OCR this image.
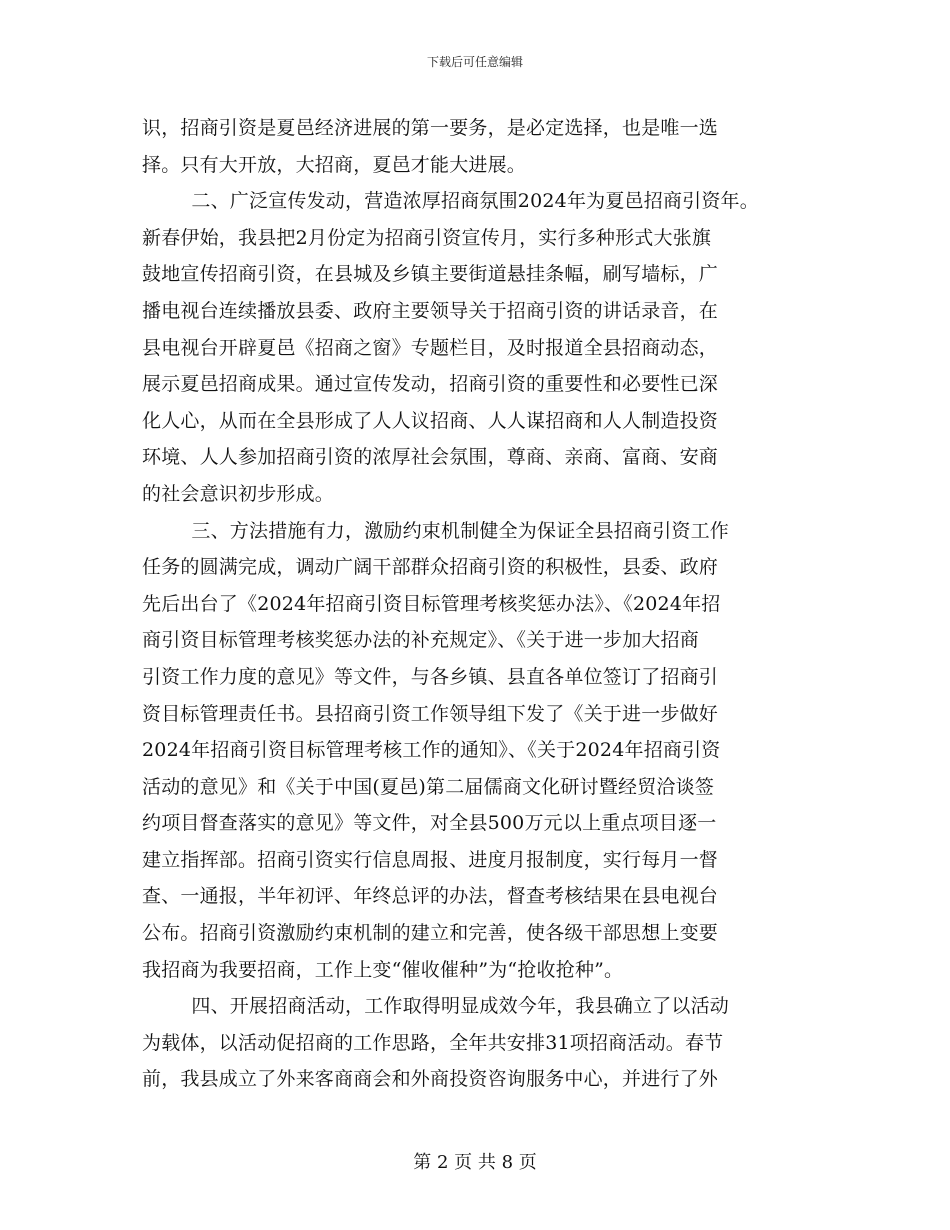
下载后可任意编辑
识，招商引资是夏邑经济进展的第一要务，是必定选择，也是唯一选
择。只有大开放，大招商，夏邑才能大进展。
二、广泛宣传发动，营造浓厚招商氛围2024年为夏邑招商引资年。
新春伊始，我县把2月份定为招商引资宣传月，实行多种形式大张旗
鼓地宣传招商引资，在县城及乡镇主要街道悬挂条幅，刷写墙标，广
播电视台连续播放县委、政府主要领导关于招商引资的讲话录音，在
县电视台开辟夏邑《招商之窗》专题栏目，及时报道全县招商动态，
展示夏邑招商成果。通过宣传发动，招商引资的重要性和必要性已深
化人心，从而在全县形成了人人议招商、人人谋招商和人人制造投资
环境、人人参加招商引资的浓厚社会氛围，尊商、亲商、富商、安商
的社会意识初步形成。
三、方法措施有力，激励约束机制健全为保证全县招商引资工作
任务的圆满完成，调动广阔干部群众招商引资的积极性，县委、政府
先后出台了《2024年招商引资目标管理考核奖惩办法》、《2024年招
商引资目标管理考核奖惩办法的补充规定》、《关于进一步加大招商
引资工作力度的意见》等文件，与各乡镇、县直各单位签订了招商引
资目标管理责任书。县招商引资工作领导组下发了《关于进一步做好
2024年招商引资目标管理考核工作的通知》、《关于2024年招商引资
活动的意见》和《关于中国(夏邑)第二届儒商文化研讨暨经贸洽谈签
约项目督查落实的意见》等文件，对全县500万元以上重点项目逐一
建立指挥部。招商引资实行信息周报、进度月报制度，实行每月一督
查、一通报，半年初评、年终总评的办法，督查考核结果在县电视台
公布。招商引资激励约束机制的建立和完善，使各级干部思想上变要
我招商为我要招商，工作上变“催收催种”为“抢收抢种”。
四、开展招商活动，工作取得明显成效今年，我县确立了以活动
为载体，以活动促招商的工作思路，全年共安排31项招商活动。春节
前，我县成立了外来客商商会和外商投资咨询服务中心，并进行了外
第 2 页 共 8 页
